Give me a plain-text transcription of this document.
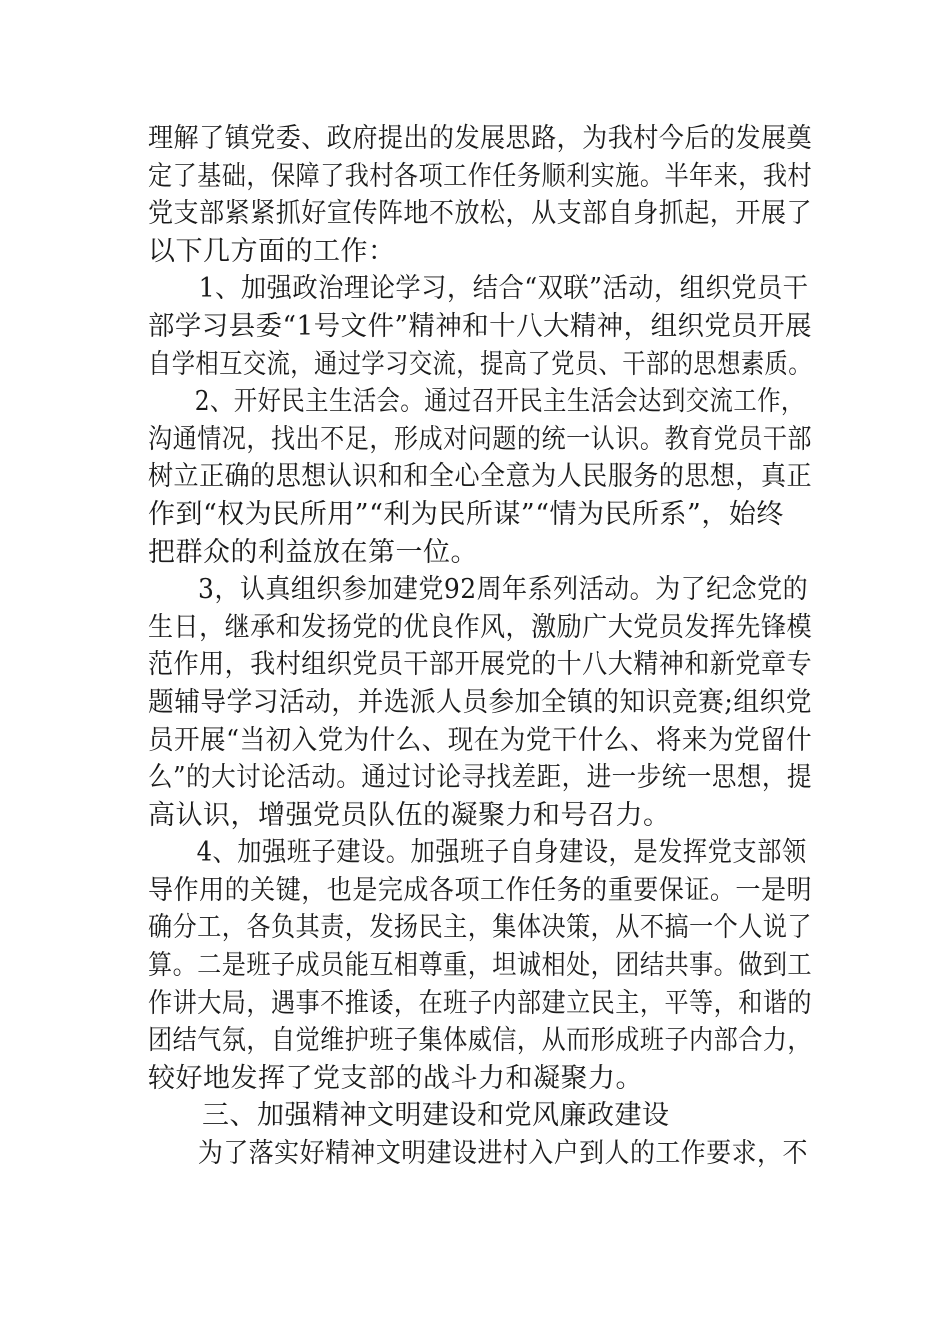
理解了镇党委、政府提出的发展思路，为我村今后的发展奠
定了基础，保障了我村各项工作任务顺利实施。半年来，我村
党支部紧紧抓好宣传阵地不放松，从支部自身抓起，开展了
以下几方面的工作：
1、加强政治理论学习，结合“双联”活动，组织党员干
部学习县委“1号文件”精神和十八大精神，组织党员开展
自学相互交流，通过学习交流，提高了党员、干部的思想素质。
2、开好民主生活会。通过召开民主生活会达到交流工作，
沟通情况，找出不足，形成对问题的统一认识。教育党员干部
树立正确的思想认识和和全心全意为人民服务的思想，真正
作到“权为民所用”“利为民所谋”“情为民所系”，始终
把群众的利益放在第一位。
3，认真组织参加建党92周年系列活动。为了纪念党的
生日，继承和发扬党的优良作风，激励广大党员发挥先锋模
范作用，我村组织党员干部开展党的十八大精神和新党章专
题辅导学习活动，并选派人员参加全镇的知识竞赛;组织党
员开展“当初入党为什么、现在为党干什么、将来为党留什
么”的大讨论活动。通过讨论寻找差距，进一步统一思想，提
高认识，增强党员队伍的凝聚力和号召力。
4、加强班子建设。加强班子自身建设，是发挥党支部领
导作用的关键，也是完成各项工作任务的重要保证。一是明
确分工，各负其责，发扬民主，集体决策，从不搞一个人说了
算。二是班子成员能互相尊重，坦诚相处，团结共事。做到工
作讲大局，遇事不推诿，在班子内部建立民主，平等，和谐的
团结气氛，自觉维护班子集体威信，从而形成班子内部合力，
较好地发挥了党支部的战斗力和凝聚力。
三、加强精神文明建设和党风廉政建设
为了落实好精神文明建设进村入户到人的工作要求，不
